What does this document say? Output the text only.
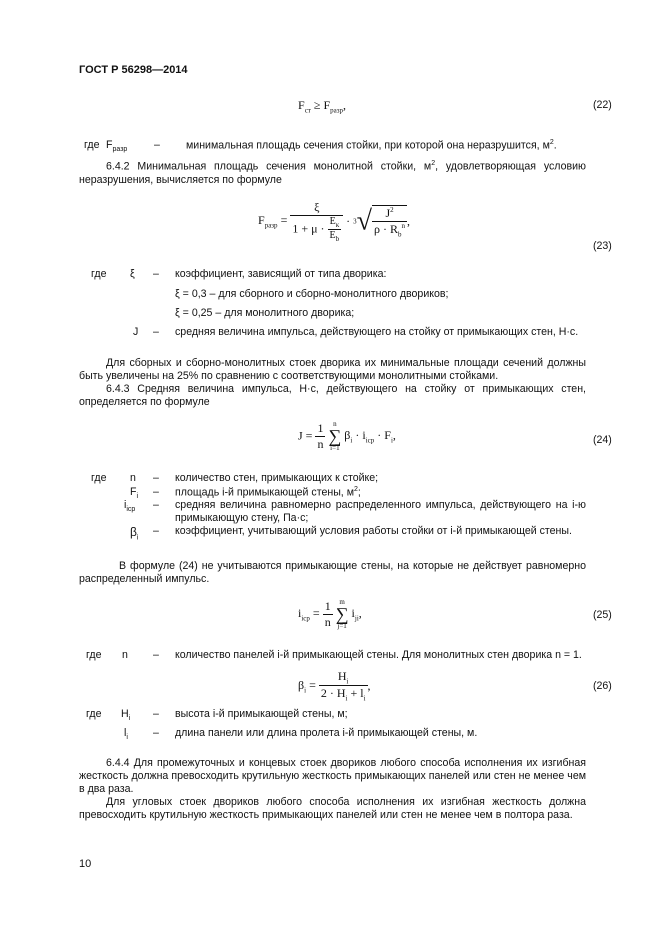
ГОСТ Р 56298—2014
$F_{ст} \ge F_{разр}$,	(22)
где $F_{разр}$	– минимальная площадь сечения стойки, при которой она неразрушится, $м^2$.
6.4.2 Минимальная площадь сечения монолитной стойки, $м^2$, удовлетворяющая условию неразрушения, вычисляется по формуле
$F_{разр} = \frac{\xi}{1 + \mu \cdot \frac{E_к}{E_b}} \cdot 3√ \frac{J^2}{\rho \cdot R_b^n}$ ,
(23)
где ξ – коэффициент, зависящий от типа дворика:
ξ = 0,3 – для сборного и сборно-монолитного двориков;
ξ = 0,25 – для монолитного дворика;
J – средняя величина импульса, действующего на стойку от примыкающих стен, Н·с.
Для сборных и сборно-монолитных стоек дворика их минимальные площади сечений должны быть увеличены на 25% по сравнению с соответствующими монолитными стойками.
6.4.3 Средняя величина импульса, Н·с, действующего на стойку от примыкающих стен, определяется по формуле
$J = \frac{1}{n}$
	n
∑
i=1
$\beta_i \cdot i_{icp} \cdot F_i$,	(24)
где n – количество стен, примыкающих к стойке;
$F_i$ – площадь i-й примыкающей стены, $м^2$;
$i_{icp}$ – средняя величина равномерно распределенного импульса, действующего на i-ю
примыкающую стену, Па·с;
$\beta_i$
– коэффициент, учитывающий условия работы стойки от i-й примыкающей стены.
В формуле (24) не учитываются примыкающие стены, на которые не действует равномерно распределенный импульс.
$i_{icp} = \frac{1}{n}$
m
∑
j=1
$i_{ji}$,	(25)
где n – количество панелей i-й примыкающей стены. Для монолитных стен дворика n = 1.
$\beta_i = \frac{H_i}{2 \cdot H_i + l_i}$ ,	(26)
где $H_i$ – высота i-й примыкающей стены, м;
$l_i$ – длина панели или длина пролета i-й примыкающей стены, м.
6.4.4 Для промежуточных и концевых стоек двориков любого способа исполнения их изгибная жесткость должна превосходить крутильную жесткость примыкающих панелей или стен не менее чем в два раза.
Для угловых стоек двориков любого способа исполнения их изгибная жесткость должна превосходить крутильную жесткость примыкающих панелей или стен не менее чем в полтора раза.
10
